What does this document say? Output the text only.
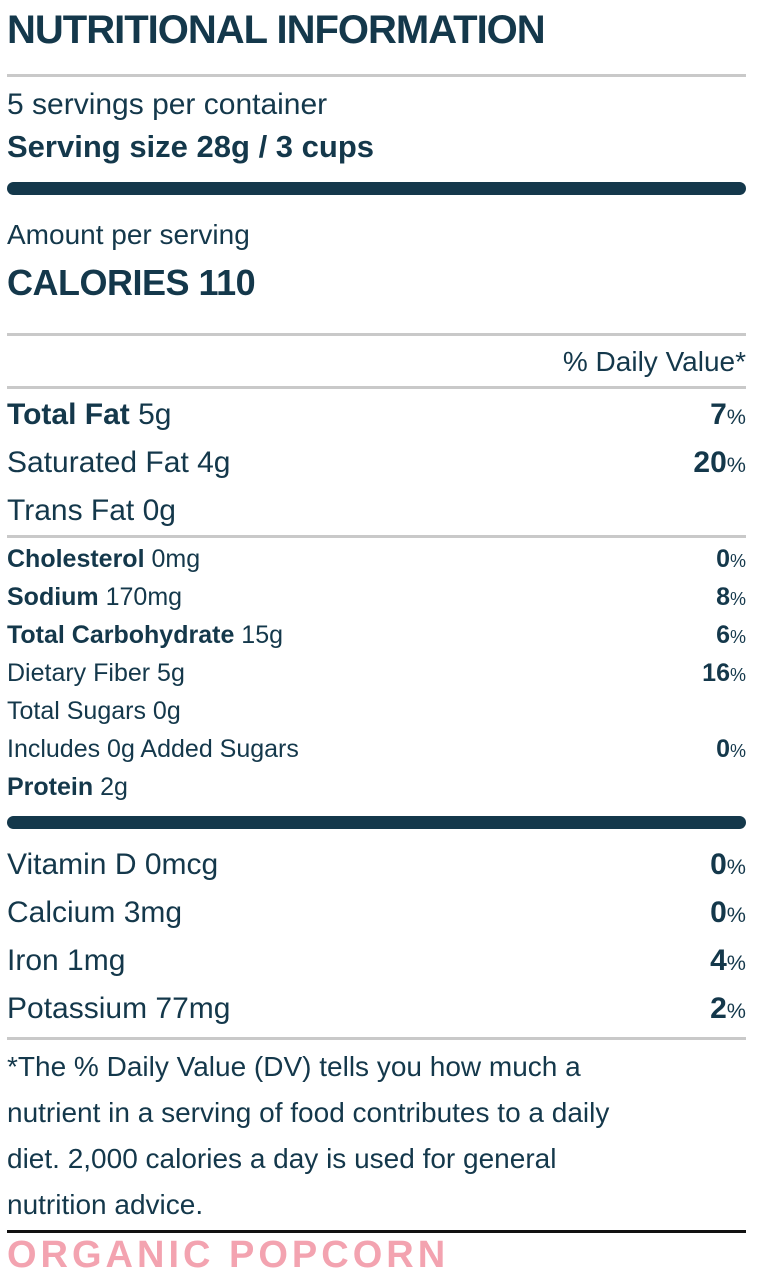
NUTRITIONAL INFORMATION
5 servings per container
Serving size 28g / 3 cups
Amount per serving
CALORIES 110
% Daily Value*
Total Fat 5g	7%
Saturated Fat 4g	20%
Trans Fat 0g
Cholesterol 0mg	0%
Sodium 170mg	8%
Total Carbohydrate 15g	6%
Dietary Fiber 5g	16%
Total Sugars 0g
Includes 0g Added Sugars	0%
Protein 2g
Vitamin D 0mcg	0%
Calcium 3mg	0%
Iron 1mg	4%
Potassium 77mg	2%
*The % Daily Value (DV) tells you how much a
nutrient in a serving of food contributes to a daily
diet. 2,000 calories a day is used for general
nutrition advice.
ORGANIC POPCORN
